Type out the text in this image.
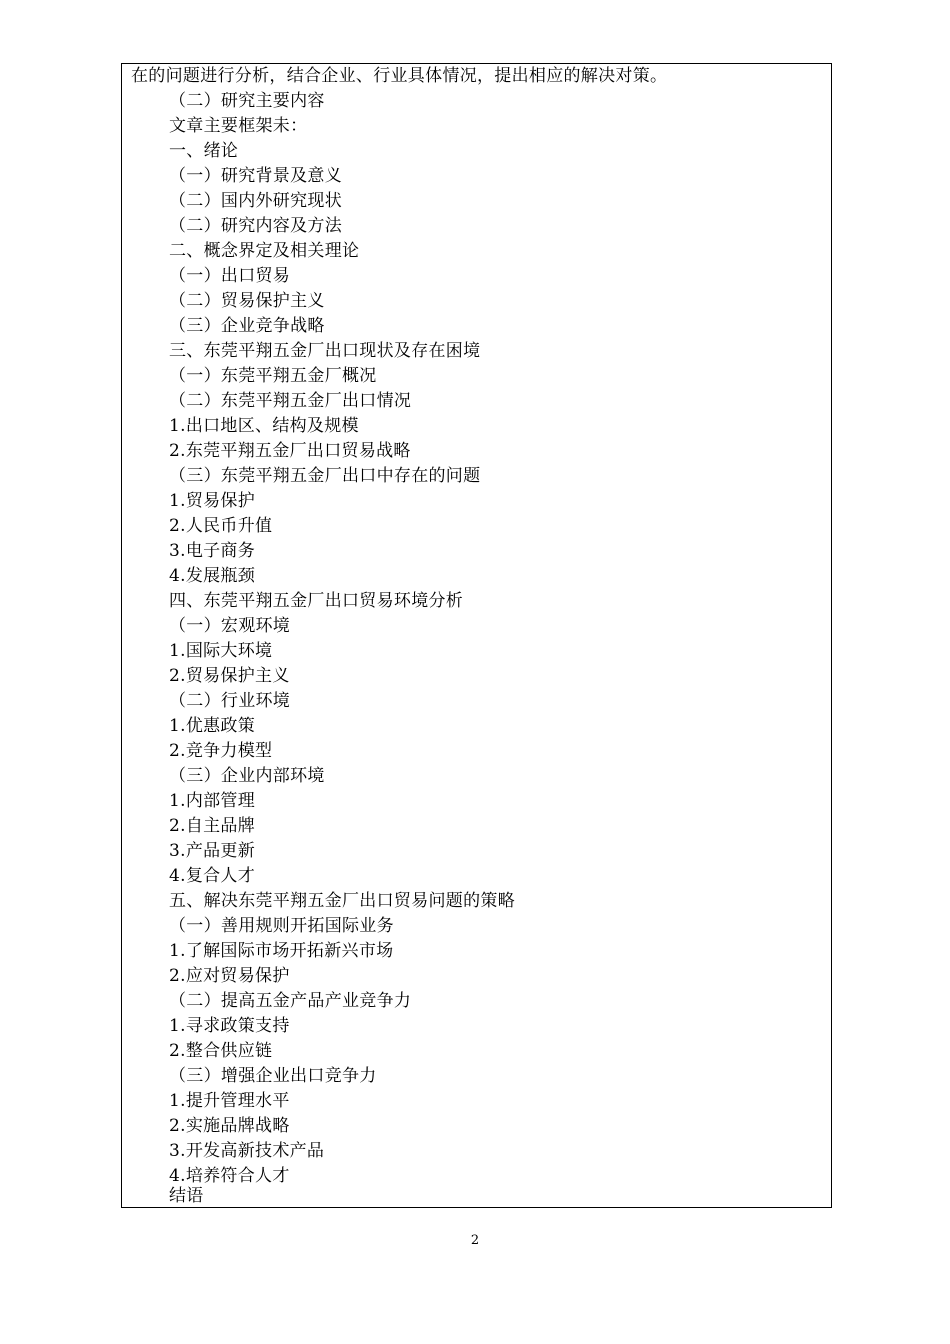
在的问题进行分析，结合企业、行业具体情况，提出相应的解决对策。
（二）研究主要内容
文章主要框架未：
一、绪论
（一）研究背景及意义
（二）国内外研究现状
（二）研究内容及方法
二、概念界定及相关理论
（一）出口贸易
（二）贸易保护主义
（三）企业竞争战略
三、东莞平翔五金厂出口现状及存在困境
（一）东莞平翔五金厂概况
（二）东莞平翔五金厂出口情况
1.出口地区、结构及规模
2.东莞平翔五金厂出口贸易战略
（三）东莞平翔五金厂出口中存在的问题
1.贸易保护
2.人民币升值
3.电子商务
4.发展瓶颈
四、东莞平翔五金厂出口贸易环境分析
（一）宏观环境
1.国际大环境
2.贸易保护主义
（二）行业环境
1.优惠政策
2.竞争力模型
（三）企业内部环境
1.内部管理
2.自主品牌
3.产品更新
4.复合人才
五、解决东莞平翔五金厂出口贸易问题的策略
（一）善用规则开拓国际业务
1.了解国际市场开拓新兴市场
2.应对贸易保护
（二）提高五金产品产业竞争力
1.寻求政策支持
2.整合供应链
（三）增强企业出口竞争力
1.提升管理水平
2.实施品牌战略
3.开发高新技术产品
4.培养符合人才
结语
2
